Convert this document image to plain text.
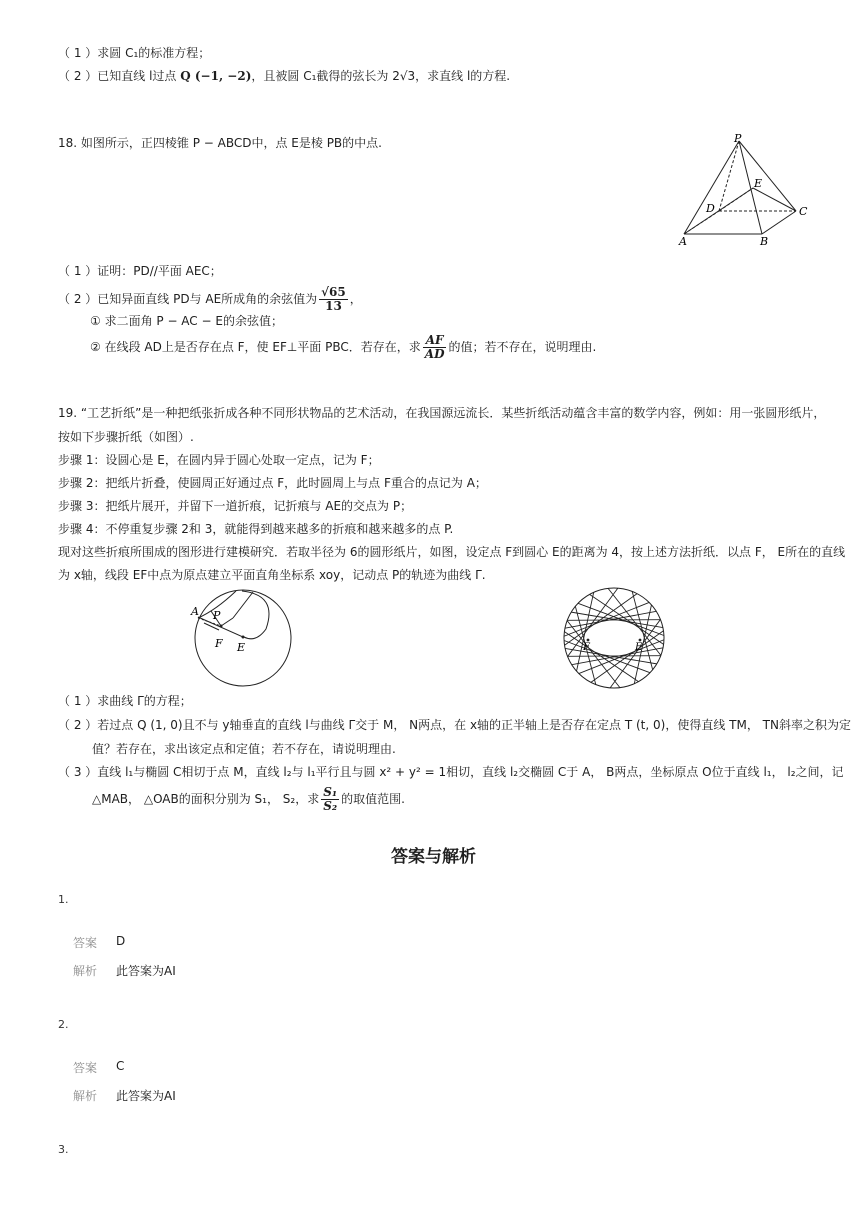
（ 1 ）求圆 C₁的标准方程；
（ 2 ）已知直线 l过点 Q (−1, −2)，且被圆 C₁截得的弦长为 2√3，求直线 l的方程.
18. 如图所示，正四棱锥 P − ABCD中，点 E是棱 PB的中点.	P
E
D	C
A	B
（ 1 ）证明：PD//平面 AEC；
（ 2 ）已知异面直线 PD与 AE所成角的余弦值为 $\frac{√65}{13}$ ，
① 求二面角 P − AC − E的余弦值；
② 在线段 AD上是否存在点 F，使 EF⊥平面 PBC．若存在，求 $\frac{AF}{AD}$ 的值；若不存在，说明理由.
19. “工艺折纸”是一种把纸张折成各种不同形状物品的艺术活动，在我国源远流长．某些折纸活动蕴含丰富的数学内容，例如：用一张圆形纸片，
按如下步骤折纸（如图）.
步骤 1：设圆心是 E，在圆内异于圆心处取一定点，记为 F；
步骤 2：把纸片折叠，使圆周正好通过点 F，此时圆周上与点 F重合的点记为 A；
步骤 3：把纸片展开，并留下一道折痕，记折痕与 AE的交点为 P；
步骤 4：不停重复步骤 2和 3，就能得到越来越多的折痕和越来越多的点 P.
现对这些折痕所围成的图形进行建模研究．若取半径为 6的圆形纸片，如图，设定点 F到圆心 E的距离为 4，按上述方法折纸．以点 F， E所在的直线
为 x轴，线段 EF中点为原点建立平面直角坐标系 xoy，记动点 P的轨迹为曲线 Γ.
A P
F E	F	E
（ 1 ）求曲线 Γ的方程；
（ 2 ）若过点 Q (1, 0)且不与 y轴垂直的直线 l与曲线 Γ交于 M， N两点，在 x轴的正半轴上是否存在定点 T (t, 0)，使得直线 TM， TN斜率之积为定
值？若存在，求出该定点和定值；若不存在，请说明理由.
（ 3 ）直线 l₁与椭圆 C相切于点 M，直线 l₂与 l₁平行且与圆 x² + y² = 1相切，直线 l₂交椭圆 C于 A， B两点，坐标原点 O位于直线 l₁， l₂之间，记
△MAB， △OAB的面积分别为 S₁， S₂，求 $\frac{\text{S₁}}{\text{S₂}}$ 的取值范围.
答案与解析
1.
答案 D
解析 此答案为AI
2.
答案 C
解析 此答案为AI
3.
